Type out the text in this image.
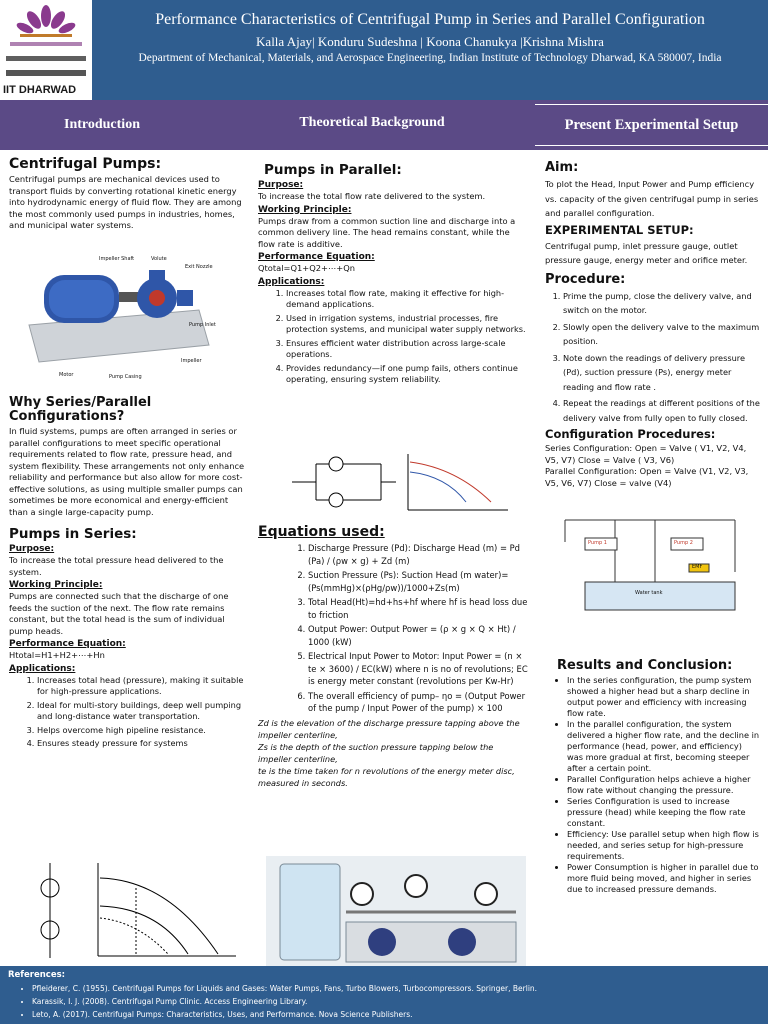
IIT DHARWAD
Performance Characteristics of Centrifugal Pump in Series and Parallel Configuration
Kalla Ajay| Konduru Sudeshna | Koona Chanukya |Krishna Mishra
Department of Mechanical, Materials, and Aerospace Engineering, Indian Institute of Technology Dharwad, KA 580007, India
Introduction	Theoretical Background	Present Experimental Setup
Centrifugal Pumps:

Centrifugal pumps are mechanical devices used to transport fluids by converting rotational kinetic energy into hydrodynamic energy of fluid flow. They are among the most commonly used pumps in industries, homes, and municipal water systems.

Impeller Shaft	Volute
Exit Nozzle
Pump Inlet
Impeller
Pump Casing
Motor
Why Series/Parallel Configurations?

In fluid systems, pumps are often arranged in series or parallel configurations to meet specific operational requirements related to flow rate, pressure head, and system flexibility. These arrangements not only enhance reliability and performance but also allow for more cost-effective solutions, as using multiple smaller pumps can sometimes be more economical and energy-efficient than a single large-capacity pump.

Pumps in Series:
Purpose:

To increase the total pressure head delivered to the system.

Working Principle:

Pumps are connected such that the discharge of one feeds the suction of the next. The flow rate remains constant, but the total head is the sum of individual pump heads.

Performance Equation:

Htotal=H1+H2+⋯+Hn

Applications:
1. Increases total head (pressure), making it suitable for high-pressure applications.
2. Ideal for multi-story buildings, deep well pumping and long-distance water transportation.
3. Helps overcome high pipeline resistance.
4. Ensures steady pressure for systems
Pumps in Parallel:
Purpose:

To increase the total flow rate delivered to the system.

Working Principle:

Pumps draw from a common suction line and discharge into a common delivery line. The head remains constant, while the flow rate is additive.

Performance Equation:

Qtotal=Q1+Q2+⋯+Qn

Applications:
1. Increases total flow rate, making it effective for high-demand applications.
2. Used in irrigation systems, industrial processes, fire protection systems, and municipal water supply networks.
3. Ensures efficient water distribution across large-scale operations.
4. Provides redundancy—if one pump fails, others continue operating, ensuring system reliability.
Equations used:
1. Discharge Pressure (Pd): Discharge Head (m) = Pd (Pa) / (ρw × g) + Zd (m)
2. Suction Pressure (Ps): Suction Head (m water)=(Ps(mmHg)×(ρHg/ρw))/1000+Zs(m)
3. Total Head(Ht)=hd+hs+hf where hf is head loss due to friction
4. Output Power: Output Power = (ρ × g × Q × Ht) / 1000 (kW)
5. Electrical Input Power to Motor: Input Power = (n × te × 3600) / EC(kW) where n is no of revolutions; EC is energy meter constant (revolutions per Kw-Hr)
6. The overall efficiency of pump– ηo = (Output Power of the pump / Input Power of the pump) × 100

Zd is the elevation of the discharge pressure tapping above the impeller centerline,

Zs is the depth of the suction pressure tapping below the impeller centerline,

te is the time taken for n revolutions of the energy meter disc, measured in seconds.

Aim:

To plot the Head, Input Power and Pump efficiency vs. capacity of the given centrifugal pump in series and parallel configuration.

EXPERIMENTAL SETUP:

Centrifugal pump, inlet pressure gauge, outlet pressure gauge, energy meter and orifice meter.

Procedure:
1. Prime the pump, close the delivery valve, and switch on the motor.
2. Slowly open the delivery valve to the maximum position.
3. Note down the readings of delivery pressure (Pd), suction pressure (Ps), energy meter reading and flow rate .
4. Repeat the readings at different positions of the delivery valve from fully open to fully closed.
Configuration Procedures:

Series Configuration: Open = Valve ( V1, V2, V4, V5, V7) Close = Valve ( V3, V6)

Parallel Configuration: Open = Valve (V1, V2, V3, V5, V6, V7) Close = valve (V4)

Pump 1	Pump 2
EMF
Water tank
Results and Conclusion:
• In the series configuration, the pump system showed a higher head but a sharp decline in output power and efficiency with increasing flow rate.
• In the parallel configuration, the system delivered a higher flow rate, and the decline in performance (head, power, and efficiency) was more gradual at first, becoming steeper after a certain point.
• Parallel Configuration helps achieve a higher flow rate without changing the pressure.
• Series Configuration is used to increase pressure (head) while keeping the flow rate constant.
• Efficiency: Use parallel setup when high flow is needed, and series setup for high-pressure requirements.
• Power Consumption is higher in parallel due to more fluid being moved, and higher in series due to increased pressure demands.
References:
• Pfleiderer, C. (1955). Centrifugal Pumps for Liquids and Gases: Water Pumps, Fans, Turbo Blowers, Turbocompressors. Springer, Berlin.
• Karassik, I. J. (2008). Centrifugal Pump Clinic. Access Engineering Library.
• Leto, A. (2017). Centrifugal Pumps: Characteristics, Uses, and Performance. Nova Science Publishers.
